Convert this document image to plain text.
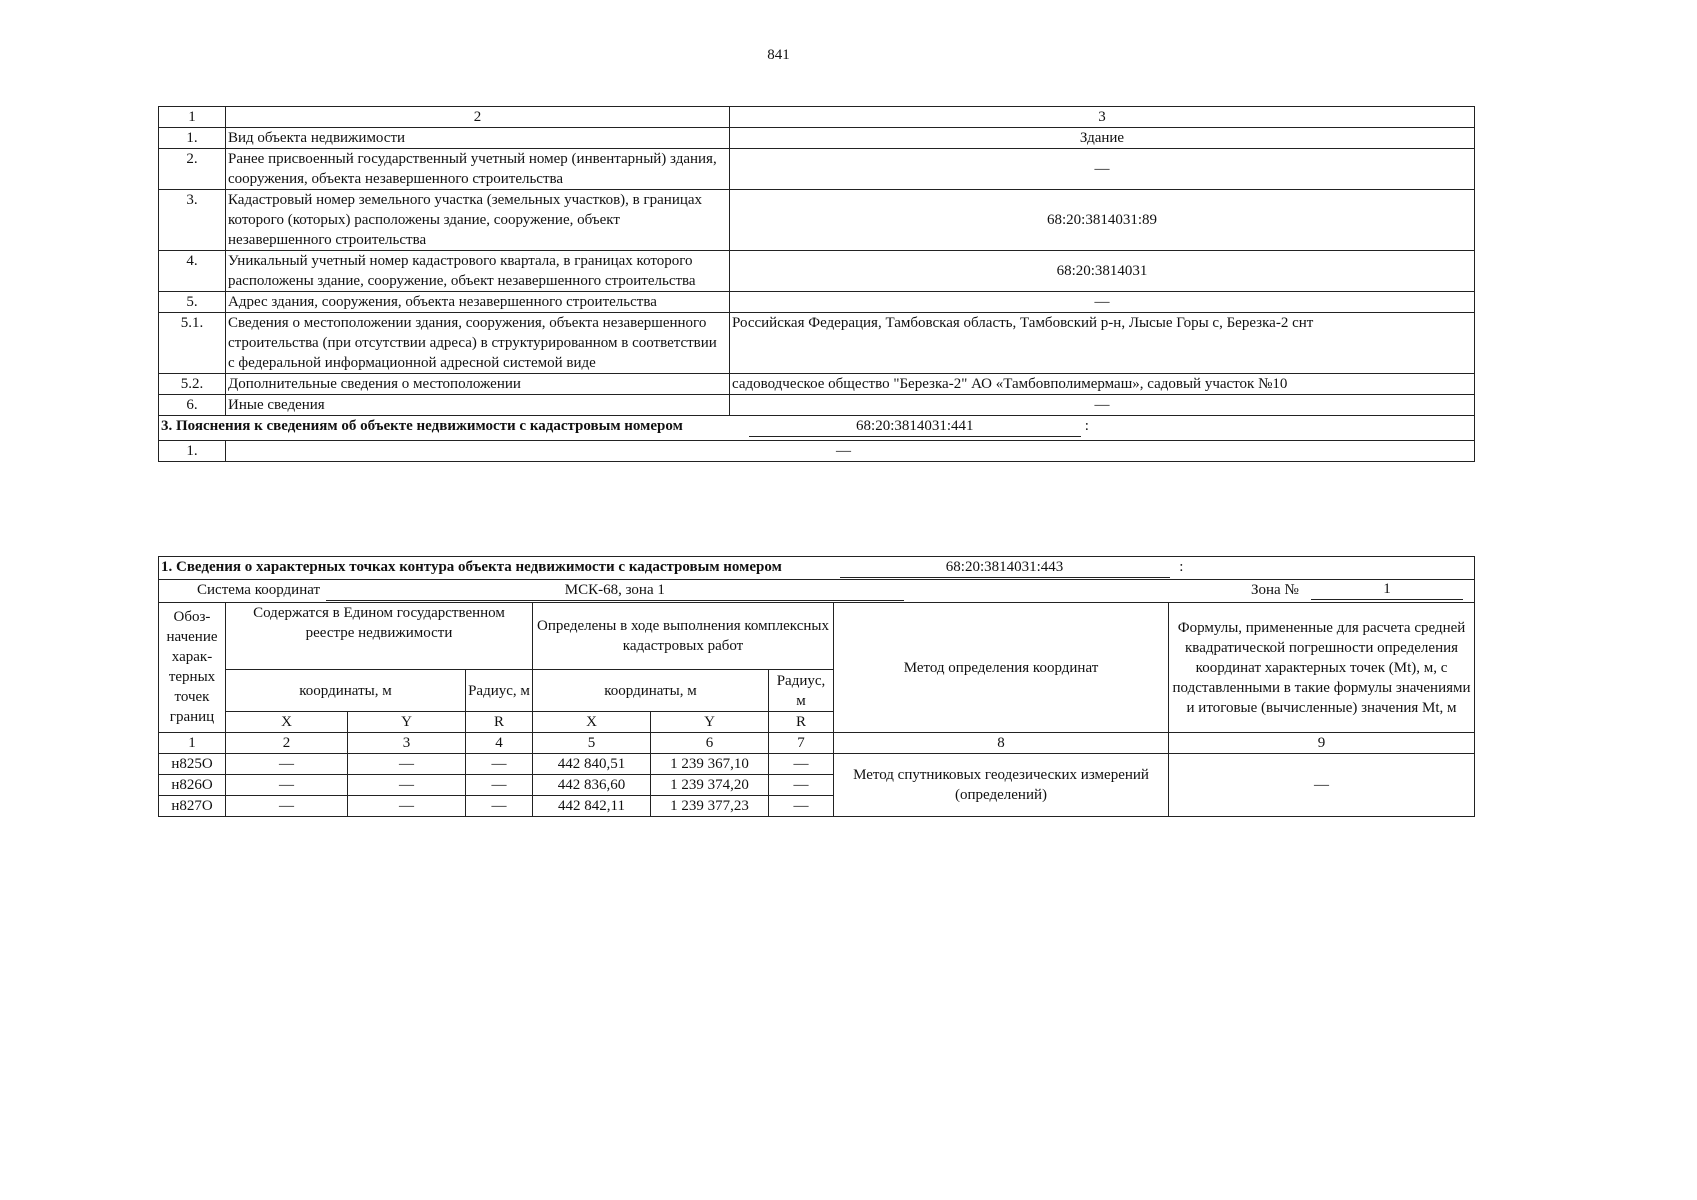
841
1	2	3
1.	Вид объекта недвижимости	Здание
2.	Ранее присвоенный государственный учетный номер (инвентарный) здания, сооружения, объекта незавершенного строительства	—
3.	Кадастровый номер земельного участка (земельных участков), в границах которого (которых) расположены здание, сооружение, объект незавершенного строительства	68:20:3814031:89
4.	Уникальный учетный номер кадастрового квартала, в границах которого расположены здание, сооружение, объект незавершенного строительства	68:20:3814031
5.	Адрес здания, сооружения, объекта незавершенного строительства	—
5.1.	Сведения о местоположении здания, сооружения, объекта незавершенного строительства (при отсутствии адреса) в структурированном в соответствии с федеральной информационной адресной системой виде	Российская Федерация, Тамбовская область, Тамбовский р-н, Лысые Горы с, Березка-2 снт
5.2.	Дополнительные сведения о местоположении	садоводческое общество "Березка-2" АО «Тамбовполимермаш», садовый участок №10
6.	Иные сведения	—
3. Пояснения к сведениям об объекте недвижимости с кадастровым номером 68:20:3814031:441 :		
1.	—	
1. Сведения о характерных точках контура объекта недвижимости с кадастровым номером 68:20:3814031:443 :								
Система координат МСК-68, зона 1 Зона № 1								

Обоз-начение харак-терных точек границ	Содержатся в Едином государственном реестре недвижимости			Определены в ходе выполнения комплексных кадастровых работ			Метод определения координат	Формулы, примененные для расчета средней квадратической погрешности определения координат характерных точек (Mt), м, с подставленными в такие формулы значениями и итоговые (вычисленные) значения Mt, м
	координаты, м		Радиус, м	координаты, м		Радиус, м		
	X	Y	R	X	Y	R		
1	2	3	4	5	6	7	8	9
н825О	—	—	—	442 840,51	1 239 367,10	—	Метод спутниковых геодезических измерений (определений)	—
н826О	—	—	—	442 836,60	1 239 374,20	—		
н827О	—	—	—	442 842,11	1 239 377,23	—		
